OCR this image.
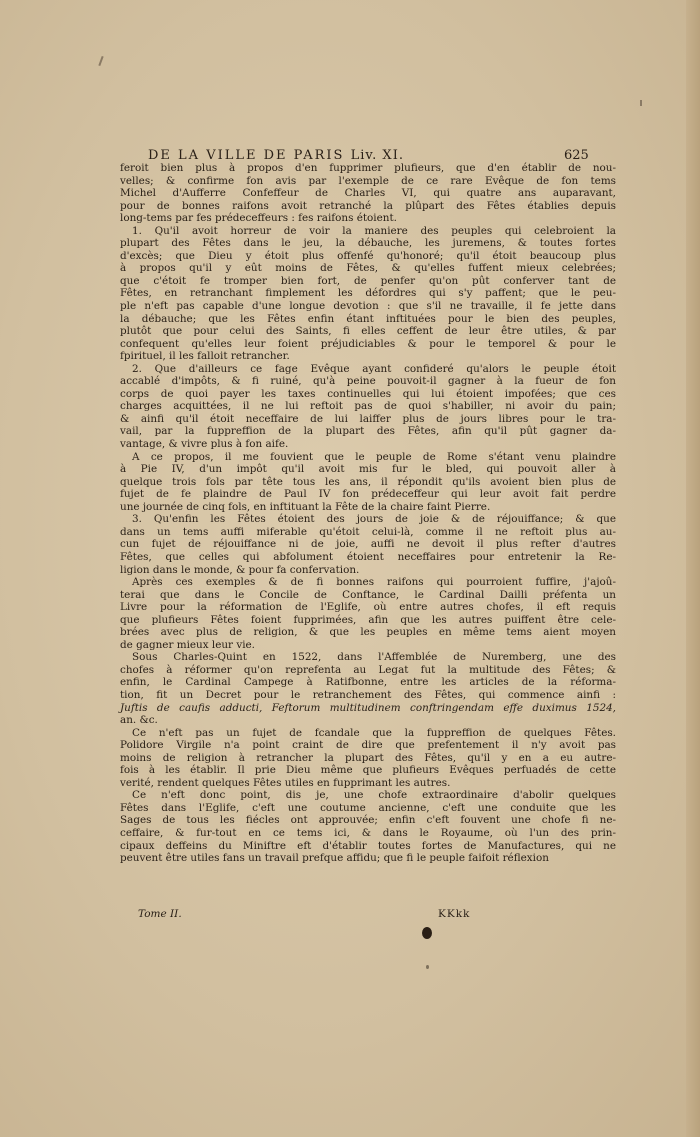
DE LA VILLE DE PARIS Liv. XI.	625
feroit bien plus à propos d'en fupprimer plufieurs, que d'en établir de nou-
velles; & confirme fon avis par l'exemple de ce rare Evêque de fon tems
Michel d'Aufferre Confeffeur de Charles VI, qui quatre ans auparavant,
pour de bonnes raifons avoit retranché la plûpart des Fêtes établies depuis
long-tems par fes prédeceffeurs : fes raifons étoient.
1. Qu'il avoit horreur de voir la maniere des peuples qui celebroient la
plupart des Fêtes dans le jeu, la débauche, les juremens, & toutes fortes
d'excès; que Dieu y étoit plus offenfé qu'honoré; qu'il étoit beaucoup plus
à propos qu'il y eût moins de Fêtes, & qu'elles fuffent mieux celebrées;
que c'étoit fe tromper bien fort, de penfer qu'on pût conferver tant de
Fêtes, en retranchant fimplement les défordres qui s'y paffent; que le peu-
ple n'eft pas capable d'une longue devotion : que s'il ne travaille, il fe jette dans
la débauche; que les Fêtes enfin étant inftituées pour le bien des peuples,
plutôt que pour celui des Saints, fi elles ceffent de leur être utiles, & par
confequent qu'elles leur foient préjudiciables & pour le temporel & pour le
fpirituel, il les falloit retrancher.
2. Que d'ailleurs ce fage Evêque ayant confideré qu'alors le peuple étoit
accablé d'impôts, & fi ruiné, qu'à peine pouvoit-il gagner à la fueur de fon
corps de quoi payer les taxes continuelles qui lui étoient impofées; que ces
charges acquittées, il ne lui reftoit pas de quoi s'habiller, ni avoir du pain;
& ainfi qu'il étoit neceffaire de lui laiffer plus de jours libres pour le tra-
vail, par la fuppreffion de la plupart des Fêtes, afin qu'il pût gagner da-
vantage, & vivre plus à fon aife.
A ce propos, il me fouvient que le peuple de Rome s'étant venu plaindre
à Pie IV, d'un impôt qu'il avoit mis fur le bled, qui pouvoit aller à
quelque trois fols par tête tous les ans, il répondit qu'ils avoient bien plus de
fujet de fe plaindre de Paul IV fon prédeceffeur qui leur avoit fait perdre
une journée de cinq fols, en inftituant la Fête de la chaire faint Pierre.
3. Qu'enfin les Fêtes étoient des jours de joie & de réjouiffance; & que
dans un tems auffi miferable qu'étoit celui-là, comme il ne reftoit plus au-
cun fujet de réjouiffance ni de joie, auffi ne devoit il plus refter d'autres
Fêtes, que celles qui abfolument étoient neceffaires pour entretenir la Re-
ligion dans le monde, & pour fa confervation.
Après ces exemples & de fi bonnes raifons qui pourroient fuffire, j'ajoû-
terai que dans le Concile de Conftance, le Cardinal Dailli préfenta un
Livre pour la réformation de l'Eglife, où entre autres chofes, il eft requis
que plufieurs Fêtes foient fupprimées, afin que les autres puiffent être cele-
brées avec plus de religion, & que les peuples en même tems aient moyen
de gagner mieux leur vie.
Sous Charles-Quint en 1522, dans l'Affemblée de Nuremberg, une des
chofes à réformer qu'on reprefenta au Legat fut la multitude des Fêtes; &
enfin, le Cardinal Campege à Ratifbonne, entre les articles de la réforma-
tion, fit un Decret pour le retranchement des Fêtes, qui commence ainfi :
Juftis de caufis adducti, Feftorum multitudinem conftringendam effe duximus 1524,
an. &c.
Ce n'eft pas un fujet de fcandale que la fuppreffion de quelques Fêtes.
Polidore Virgile n'a point craint de dire que prefentement il n'y avoit pas
moins de religion à retrancher la plupart des Fêtes, qu'il y en a eu autre-
fois à les établir. Il prie Dieu même que plufieurs Evêques perfuadés de cette
verité, rendent quelques Fêtes utiles en fupprimant les autres.
Ce n'eft donc point, dis je, une chofe extraordinaire d'abolir quelques
Fêtes dans l'Eglife, c'eft une coutume ancienne, c'eft une conduite que les
Sages de tous les fiécles ont approuvée; enfin c'eft fouvent une chofe fi ne-
ceffaire, & fur-tout en ce tems ici, & dans le Royaume, où l'un des prin-
cipaux deffeins du Miniftre eft d'établir toutes fortes de Manufactures, qui ne
peuvent être utiles fans un travail prefque affidu; que fi le peuple faifoit réflexion
Tome II.	KKkk
